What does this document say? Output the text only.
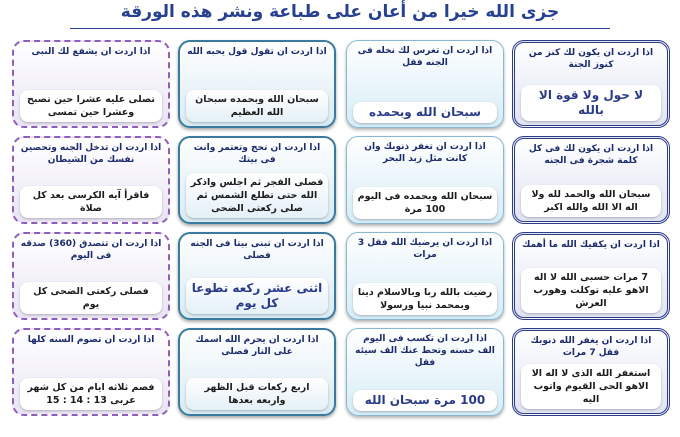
جزى الله خيرا من أعان على طباعة ونشر هذه الورقة
اذا اردت ان يكون لك كنز من كنوز الجنة
لا حول ولا قوة الا بالله
اذا اردت ان تغرس لك نخله فى الجنه فقل
سبحان الله وبحمده
اذا اردت ان تقول قول يحبه الله
سبحان الله وبحمده سبحان الله العظيم
اذا اردت ان يشفع لك النبى
تصلى عليه عشرا حين تصبح وعشرا حين تمسى
اذا اردت ان يكون لك فى كل كلمة شجرة فى الجنه
سبحان الله والحمد لله ولا اله الا الله والله اكبر
اذا اردت ان تغفر ذنوبك وان كانت مثل زبد البحر
سبحان الله وبحمده فى اليوم 100 مرة
اذا اردت ان تحج وتعتمر وانت فى بيتك
فصلى الفجر ثم اجلس واذكر الله حتى تطلع الشمس ثم صلى ركعتى الضحى
اذا اردت ان تدخل الجنه وتحصين نفسك من الشيطان
فاقرأ آيه الكرسى بعد كل صلاة
اذا اردت ان يكفيك الله ما أهمك
7 مرات حسبى الله لا اله الاهو عليه توكلت وهورب العرش
اذا اردت ان يرضيك الله فقل 3 مرات
رضيت بالله ربا وبالاسلام دينا وبمحمد نبيا ورسولا
اذا اردت ان تبنى بيتا فى الجنه فصلى
اثنى عشر ركعه تطوعا كل يوم
اذا اردت ان تتصدق (360) صدقه فى اليوم
فصلى ركعتى الضحى كل يوم
اذا اردت ان يغفر الله ذنوبك فقل 7 مرات
استغفر الله الذى لا اله الا الاهو الحى القيوم واتوب اليه
اذا اردت ان تكسب فى اليوم الف حسنه وتحط عنك الف سيئه فقل
100 مرة سبحان الله
اذا اردت ان يحرم الله اسمك على النار فصلى
اربع ركعات قبل الظهر واربعه بعدها
اذا اردت ان تصوم السنه كلها
فصم ثلاثه ايام من كل شهر عربى 13 : 14 : 15
